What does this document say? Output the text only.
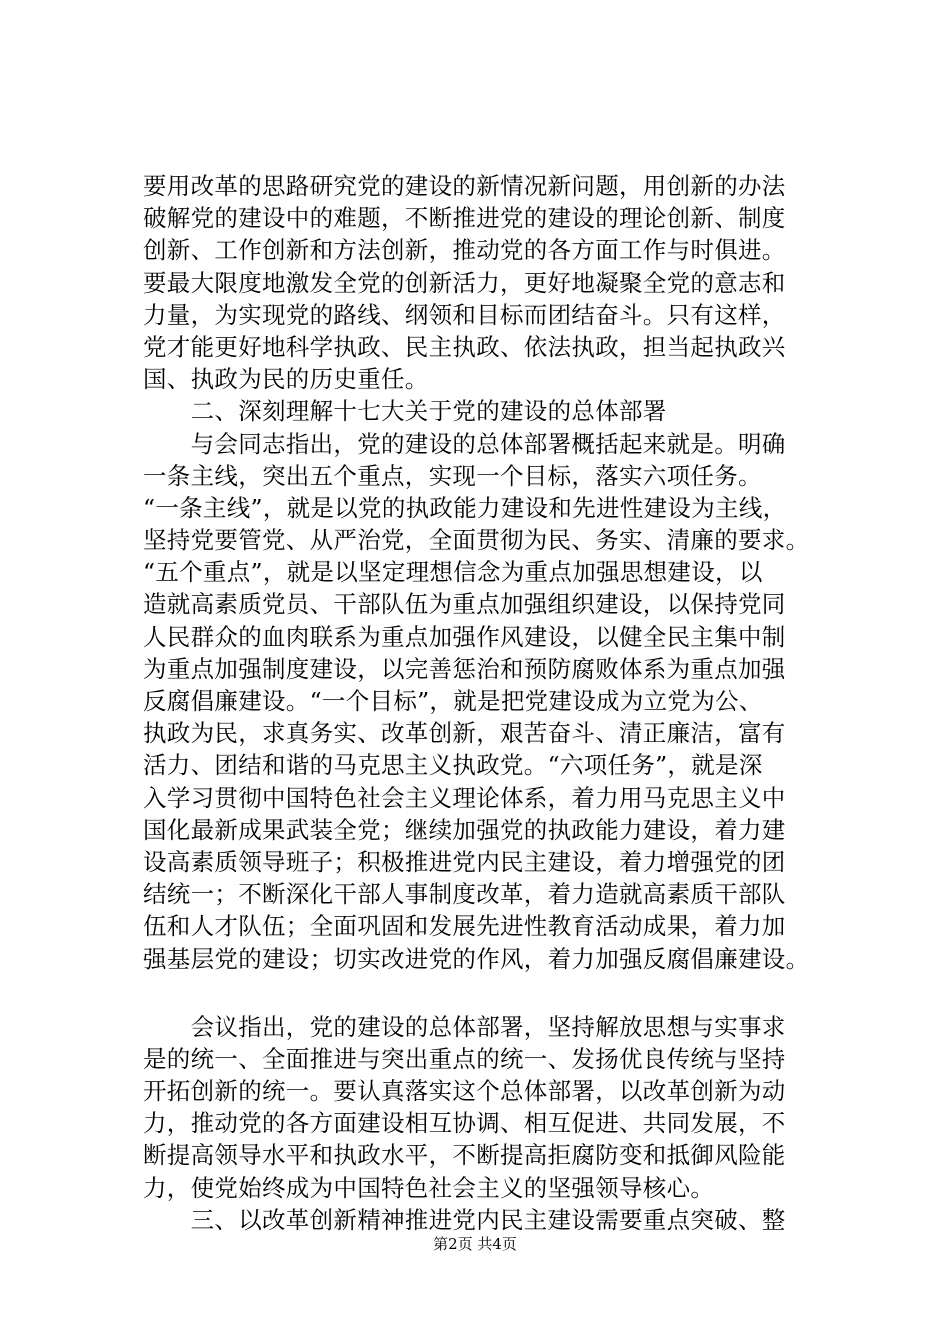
要用改革的思路研究党的建设的新情况新问题，用创新的办法
破解党的建设中的难题，不断推进党的建设的理论创新、制度
创新、工作创新和方法创新，推动党的各方面工作与时俱进。
要最大限度地激发全党的创新活力，更好地凝聚全党的意志和
力量，为实现党的路线、纲领和目标而团结奋斗。只有这样，
党才能更好地科学执政、民主执政、依法执政，担当起执政兴
国、执政为民的历史重任。
　　二、深刻理解十七大关于党的建设的总体部署
　　与会同志指出，党的建设的总体部署概括起来就是。明确
一条主线，突出五个重点，实现一个目标，落实六项任务。
“一条主线”，就是以党的执政能力建设和先进性建设为主线，
坚持党要管党、从严治党，全面贯彻为民、务实、清廉的要求。
“五个重点”，就是以坚定理想信念为重点加强思想建设，以
造就高素质党员、干部队伍为重点加强组织建设，以保持党同
人民群众的血肉联系为重点加强作风建设，以健全民主集中制
为重点加强制度建设，以完善惩治和预防腐败体系为重点加强
反腐倡廉建设。“一个目标”，就是把党建设成为立党为公、
执政为民，求真务实、改革创新，艰苦奋斗、清正廉洁，富有
活力、团结和谐的马克思主义执政党。“六项任务”，就是深
入学习贯彻中国特色社会主义理论体系，着力用马克思主义中
国化最新成果武装全党；继续加强党的执政能力建设，着力建
设高素质领导班子；积极推进党内民主建设，着力增强党的团
结统一；不断深化干部人事制度改革，着力造就高素质干部队
伍和人才队伍；全面巩固和发展先进性教育活动成果，着力加
强基层党的建设；切实改进党的作风，着力加强反腐倡廉建设。
　　会议指出，党的建设的总体部署，坚持解放思想与实事求
是的统一、全面推进与突出重点的统一、发扬优良传统与坚持
开拓创新的统一。要认真落实这个总体部署，以改革创新为动
力，推动党的各方面建设相互协调、相互促进、共同发展，不
断提高领导水平和执政水平，不断提高拒腐防变和抵御风险能
力，使党始终成为中国特色社会主义的坚强领导核心。
　　三、以改革创新精神推进党内民主建设需要重点突破、整
第2页 共4页
